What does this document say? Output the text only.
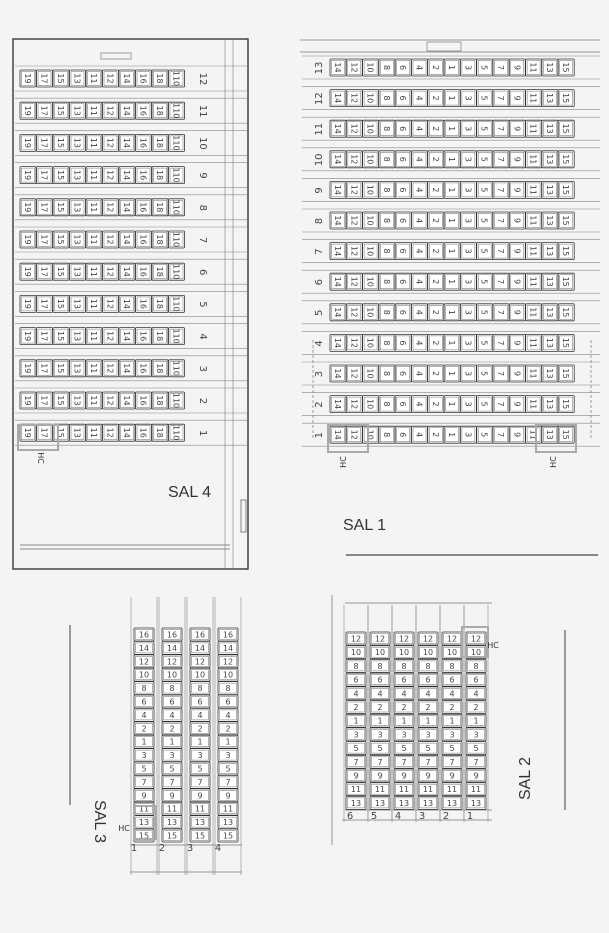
19 17 15 13 11 12 14 16 18 110 12
19 17 15 13 11 12 14 16 18 110 11
19 17 15 13 11 12 14 16 18 110 10
19 17 15 13 11 12 14 16 18 110 9
19 17 15 13 11 12 14 16 18 110 8
19 17 15 13 11 12 14 16 18 110 7
19 17 15 13 11 12 14 16 18 110 6
19 17 15 13 11 12 14 16 18 110 5
19 17 15 13 11 12 14 16 18 110 4
19 17 15 13 11 12 14 16 18 110 3
19 17 15 13 11 12 14 16 18 110 2
19 17 15 13 11 12 14 16 18 110 1
HC
14 12 10 8 6 4 2 1 3 5 7 9 11 13 15
13
14 12 10 8 6 4 2 1 3 5 7 9 11 13 15
12
14 12 10 8 6 4 2 1 3 5 7 9 11 13 15
11
14 12 10 8 6 4 2 1 3 5 7 9 11 13 15
10
14 12 10 8 6 4 2 1 3 5 7 9 11 13 15
9
14 12 10 8 6 4 2 1 3 5 7 9 11 13 15
8
14 12 10 8 6 4 2 1 3 5 7 9 11 13 15
7
14 12 10 8 6 4 2 1 3 5 7 9 11 13 15
6
14 12 10 8 6 4 2 1 3 5 7 9 11 13 15
5
14 12 10 8 6 4 2 1 3 5 7 9 11 13 15
4
14 12 10 8 6 4 2 1 3 5 7 9 11 13 15
3
14 12 10 8 6 4 2 1 3 5 7 9 11 13 15
2
14 12 10 8 6 4 2 1 3 5 7 9 11 13 15
1
HC	HC
16
14
12
10
8
6
4
2
1
3
5
7
9
11
13
15
1
16
14
12
10
8
6
4
2
1
3
5
7
9
11
13
15
2
16
14
12
10
8
6
4
2
1
3
5
7
9
11
13
15
3
16
14
12
10
8
6
4
2
1
3
5
7
9
11
13
15
4
HC
12
10
8
6
4
2
1
3
5
7
9
11
13
6
12
10
8
6
4
2
1
3
5
7
9
11
13
5
12
10
8
6
4
2
1
3
5
7
9
11
13
4
12
10
8
6
4
2
1
3
5
7
9
11
13
3
12
10
8
6
4
2
1
3
5
7
9
11
13
2
12
10
8
6
4
2
1
3
5
7
9
11
13
1
HC
SAL 4
SAL 1
SAL 3
SAL 2
